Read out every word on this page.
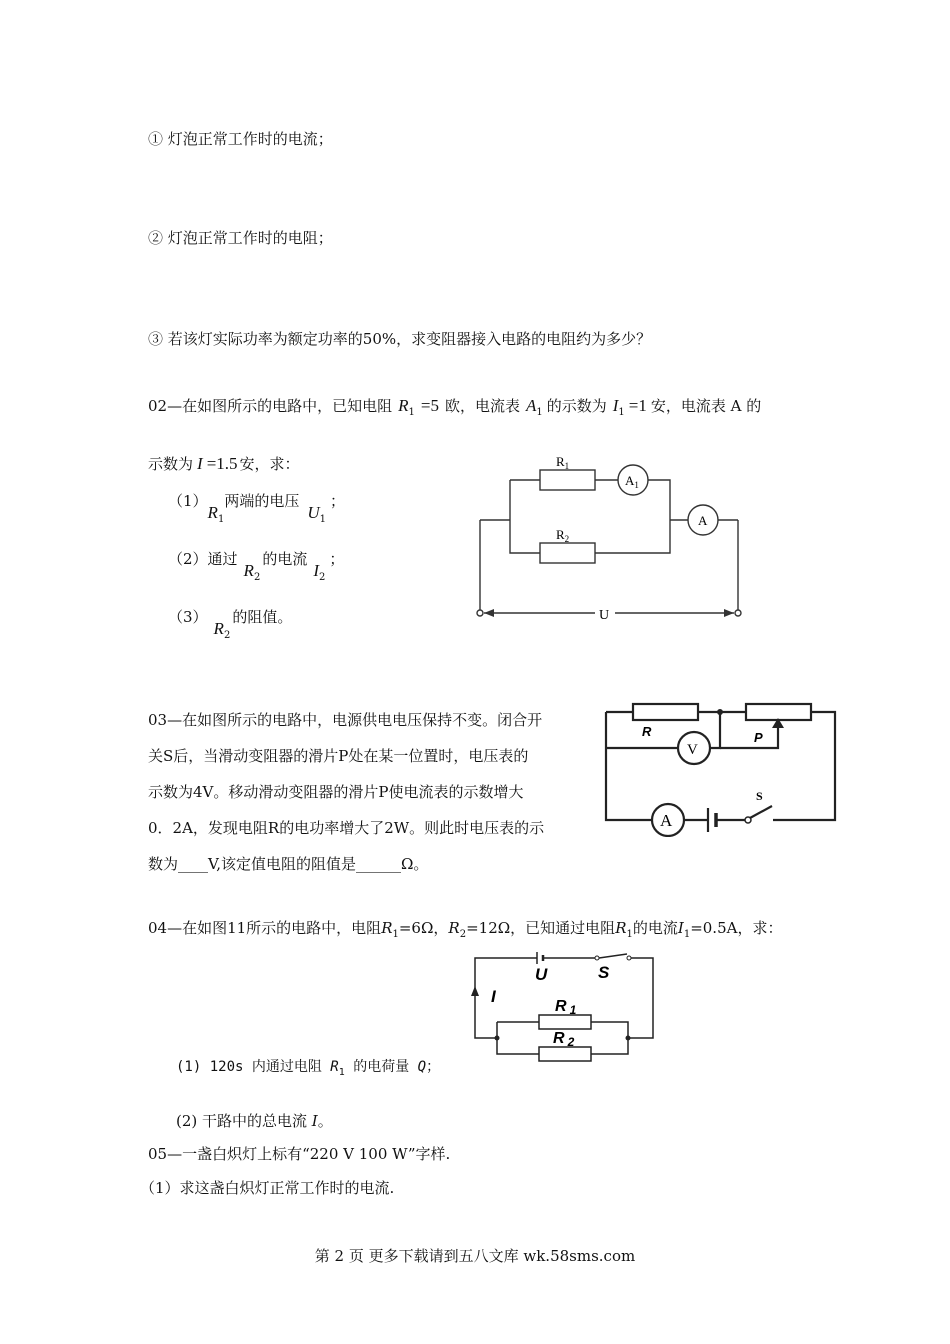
① 灯泡正常工作时的电流；
② 灯泡正常工作时的电阻；
③ 若该灯实际功率为额定功率的50%，求变阻器接入电路的电阻约为多少？
02—在如图所示的电路中，已知电阻 $R_1 =5$ 欧，电流表 $A_1$ 的示数为 $I_1 =1$ 安，电流表 A 的
示数为 I =1.5 安，求：
$(1)R_1$两端的电压$U_1$；
（2）通过$R_2$的电流$I_2$；
$(3)R_2$的阻值。
$R_1$
$R_2$
$A_1$
A
U
03—在如图所示的电路中，电源供电电压保持不变。闭合开
关S后，当滑动变阻器的滑片P处在某一位置时，电压表的
示数为4V。移动滑动变阻器的滑片P使电流表的示数增大
0．2A，发现电阻R的电功率增大了2W。则此时电压表的示
数为____V,该定值电阻的阻值是______Ω。
R
V
P
A
S
04—在如图11所示的电路中，电阻$R_1=6\Omega$，$R_2=12\Omega$，已知通过电阻$R_1$的电流$I_1=0.5A$，求：
U	S
I
R 1
R 2
(1) 120s 内通过电阻 $R_1$ 的电荷量 Q；
(2) 干路中的总电流 I。
05—一盏白炽灯上标有“220 V 100 W”字样.
（1）求这盏白炽灯正常工作时的电流.
第 2 页 更多下载请到五八文库 wk.58sms.com
